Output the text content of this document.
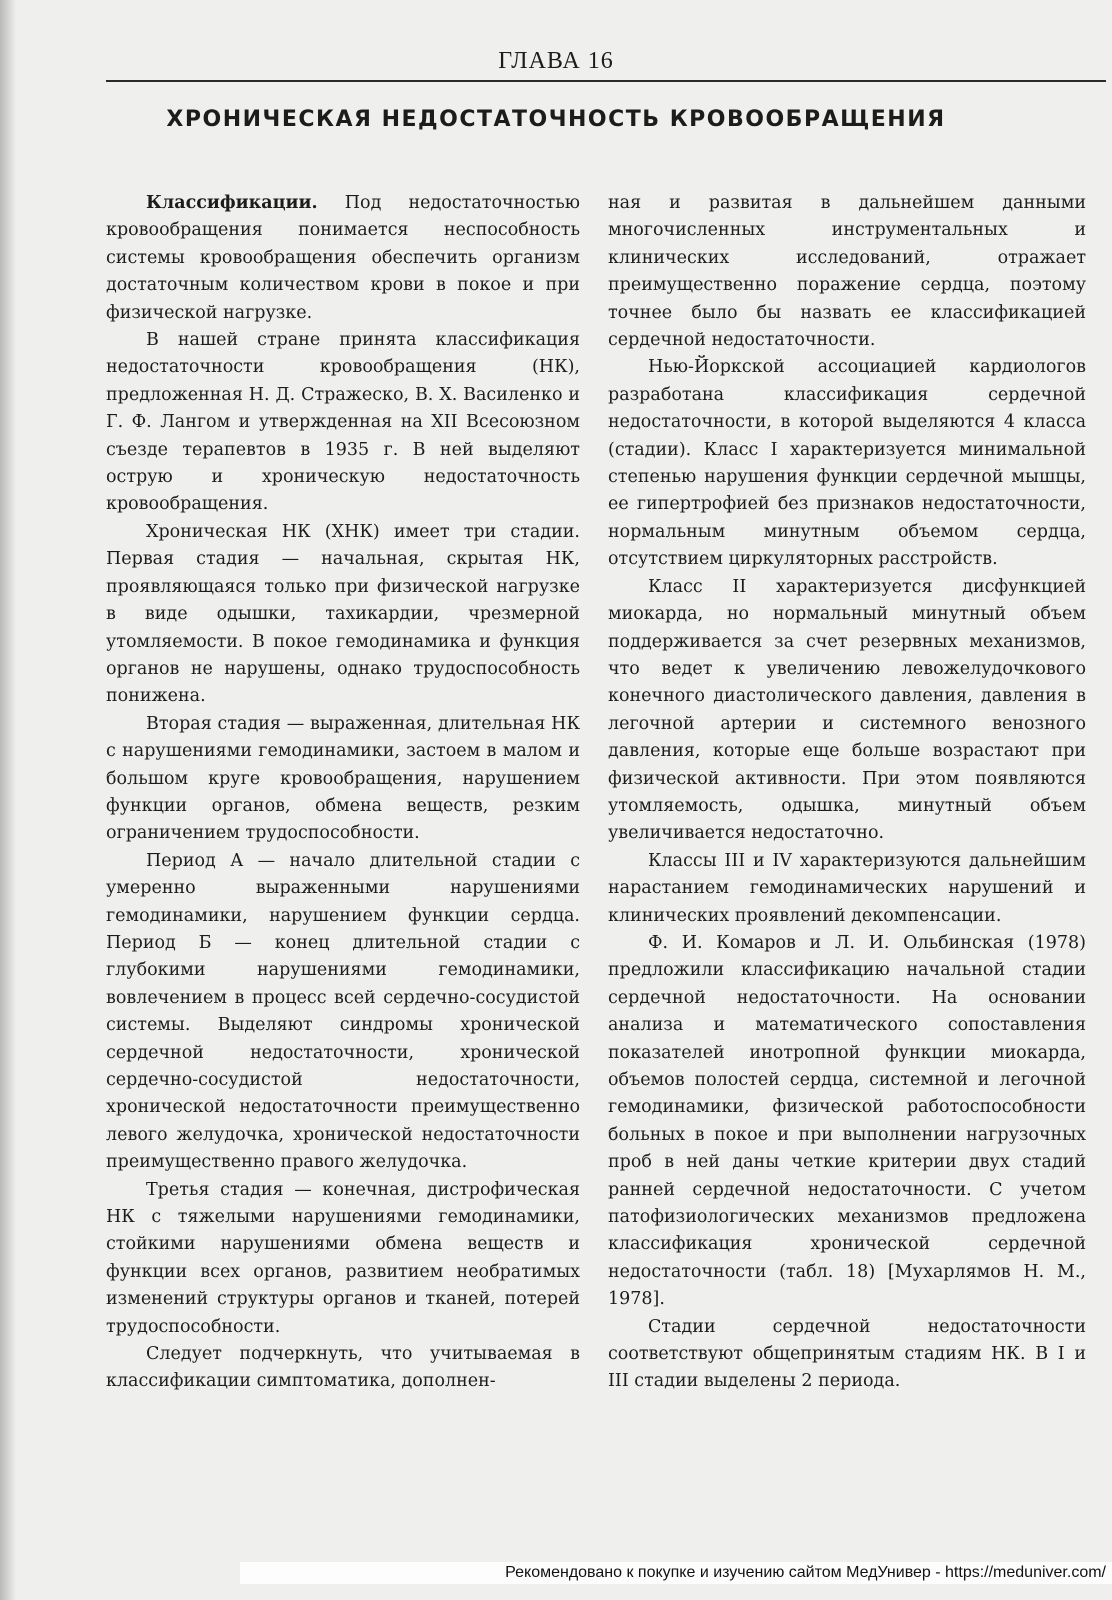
ГЛАВА 16
ХРОНИЧЕСКАЯ НЕДОСТАТОЧНОСТЬ КРОВООБРАЩЕНИЯ

Классификации. Под недостаточностью кровообращения понимается неспособность системы кровообращения обеспечить организм достаточным количеством крови в покое и при физической нагрузке.

В нашей стране принята классификация недостаточности кровообращения (НК), предложенная Н. Д. Стражеско, В. Х. Василенко и Г. Ф. Лангом и утвержденная на XII Всесоюзном съезде терапевтов в 1935 г. В ней выделяют острую и хроническую недостаточность кровообращения.

Хроническая НК (ХНК) имеет три стадии. Первая стадия — начальная, скрытая НК, проявляющаяся только при физической нагрузке в виде одышки, тахикардии, чрезмерной утомляемости. В покое гемодинамика и функция органов не нарушены, однако трудоспособность понижена.

Вторая стадия — выраженная, длительная НК с нарушениями гемодинамики, застоем в малом и большом круге кровообращения, нарушением функции органов, обмена веществ, резким ограничением трудоспособности.

Период А — начало длительной стадии с умеренно выраженными нарушениями гемодинамики, нарушением функции сердца. Период Б — конец длительной стадии с глубокими нарушениями гемодинамики, вовлечением в процесс всей сердечно-сосудистой системы. Выделяют синдромы хронической сердечной недостаточности, хронической сердечно-сосудистой недостаточности, хронической недостаточности преимущественно левого желудочка, хронической недостаточности преимущественно правого желудочка.

Третья стадия — конечная, дистрофическая НК с тяжелыми нарушениями гемодинамики, стойкими нарушениями обмена веществ и функции всех органов, развитием необратимых изменений структуры органов и тканей, потерей трудоспособности.

Следует подчеркнуть, что учитываемая в классификации симптоматика, дополнен-

ная и развитая в дальнейшем данными многочисленных инструментальных и клинических исследований, отражает преимущественно поражение сердца, поэтому точнее было бы назвать ее классификацией сердечной недостаточности.

Нью-Йоркской ассоциацией кардиологов разработана классификация сердечной недостаточности, в которой выделяются 4 класса (стадии). Класс I характеризуется минимальной степенью нарушения функции сердечной мышцы, ее гипертрофией без признаков недостаточности, нормальным минутным объемом сердца, отсутствием циркуляторных расстройств.

Класс II характеризуется дисфункцией миокарда, но нормальный минутный объем поддерживается за счет резервных механизмов, что ведет к увеличению левожелудочкового конечного диастолического давления, давления в легочной артерии и системного венозного давления, которые еще больше возрастают при физической активности. При этом появляются утомляемость, одышка, минутный объем увеличивается недостаточно.

Классы III и IV характеризуются дальнейшим нарастанием гемодинамических нарушений и клинических проявлений декомпенсации.

Ф. И. Комаров и Л. И. Ольбинская (1978) предложили классификацию начальной стадии сердечной недостаточности. На основании анализа и математического сопоставления показателей инотропной функции миокарда, объемов полостей сердца, системной и легочной гемодинамики, физической работоспособности больных в покое и при выполнении нагрузочных проб в ней даны четкие критерии двух стадий ранней сердечной недостаточности. С учетом патофизиологических механизмов предложена классификация хронической сердечной недостаточности (табл. 18) [Мухарлямов Н. М., 1978].

Стадии сердечной недостаточности соответствуют общепринятым стадиям НК. В I и III стадии выделены 2 периода.

Рекомендовано к покупке и изучению сайтом МедУнивер - https://meduniver.com/
